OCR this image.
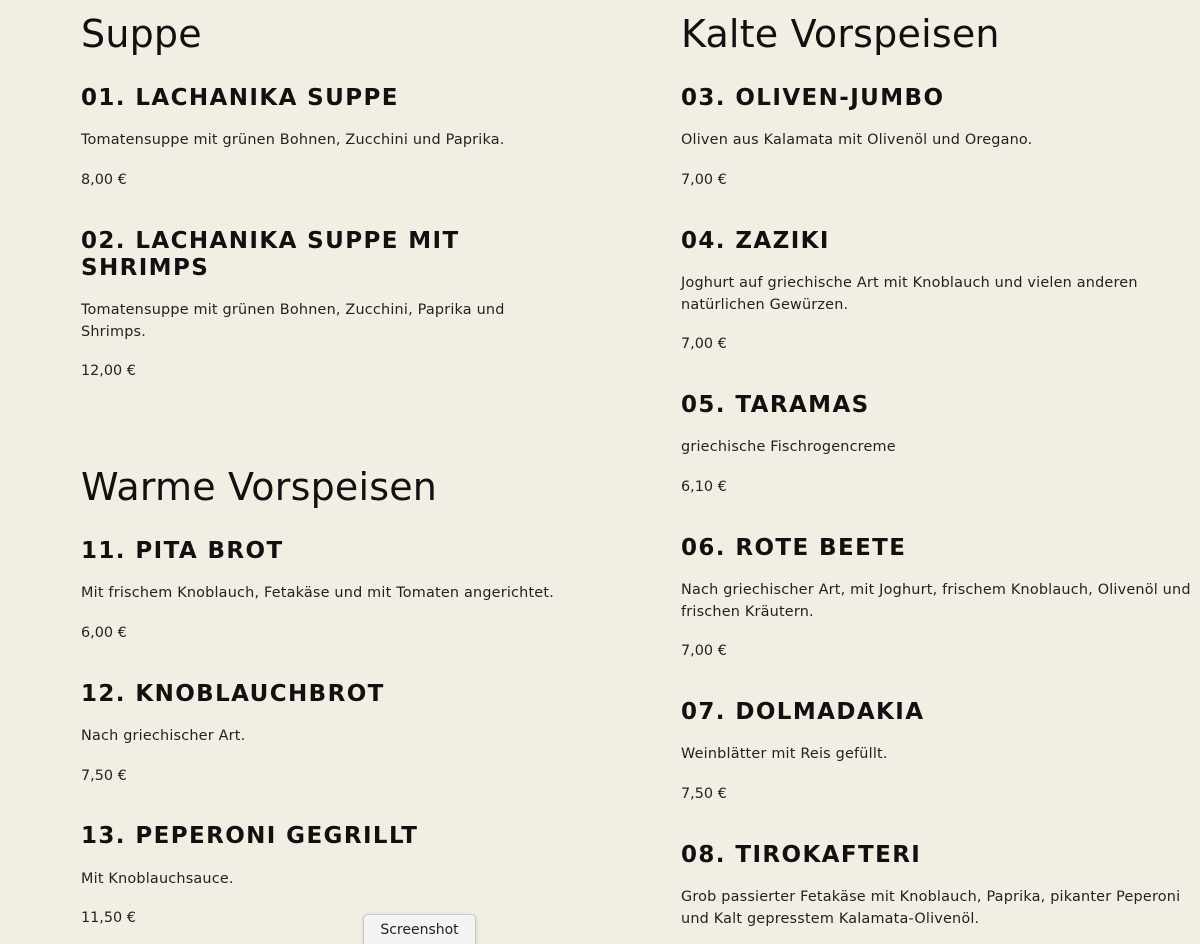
Suppe
01. LACHANIKA SUPPE

Tomatensuppe mit grünen Bohnen, Zucchini und Paprika.

8,00 €

02. LACHANIKA SUPPE MIT SHRIMPS

Tomatensuppe mit grünen Bohnen, Zucchini, Paprika und Shrimps.

12,00 €

Warme Vorspeisen
11. PITA BROT

Mit frischem Knoblauch, Fetakäse und mit Tomaten angerichtet.

6,00 €

12. KNOBLAUCHBROT

Nach griechischer Art.

7,50 €

13. PEPERONI GEGRILLT

Mit Knoblauchsauce.

11,50 €

Kalte Vorspeisen
03. OLIVEN-JUMBO

Oliven aus Kalamata mit Olivenöl und Oregano.

7,00 €

04. ZAZIKI

Joghurt auf griechische Art mit Knoblauch und vielen anderen natürlichen Gewürzen.

7,00 €

05. TARAMAS

griechische Fischrogencreme

6,10 €

06. ROTE BEETE

Nach griechischer Art, mit Joghurt, frischem Knoblauch, Olivenöl und frischen Kräutern.

7,00 €

07. DOLMADAKIA

Weinblätter mit Reis gefüllt.

7,50 €

08. TIROKAFTERI

Grob passierter Fetakäse mit Knoblauch, Paprika, pikanter Peperoni und Kalt gepresstem Kalamata-Olivenöl.

Screenshot
